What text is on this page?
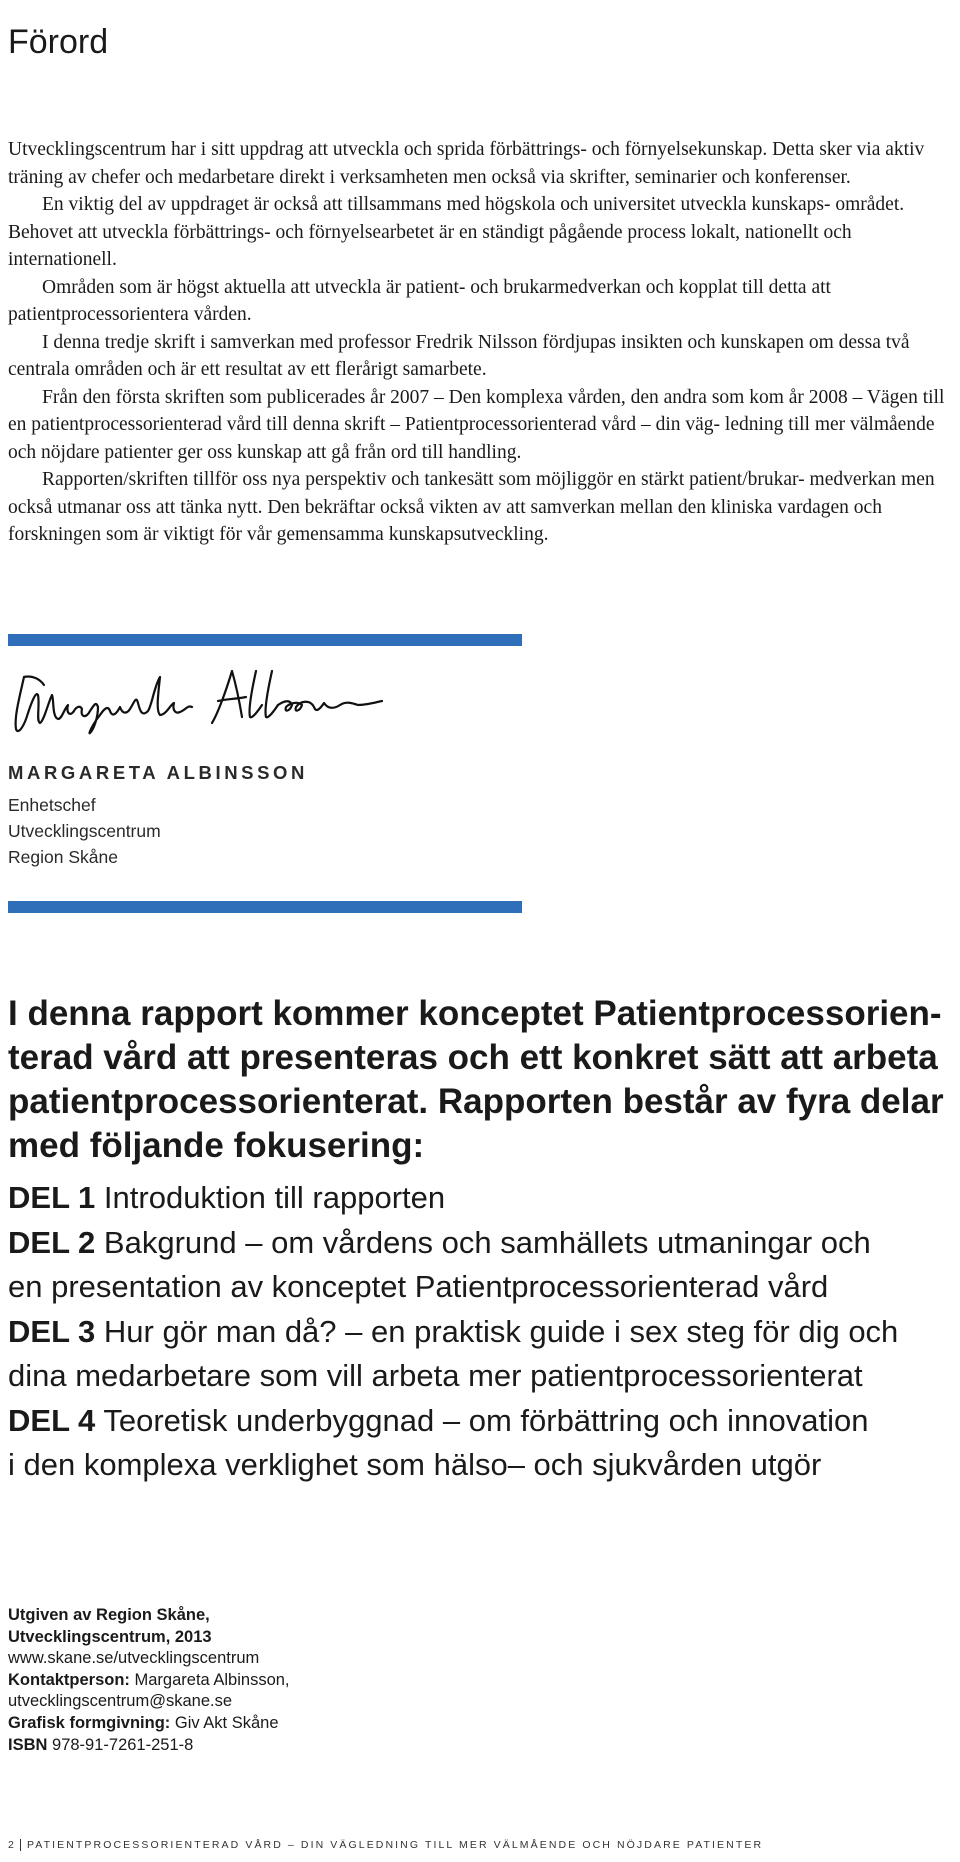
Förord

Utvecklingscentrum har i sitt uppdrag att utveckla och sprida förbättrings- och förnyelsekunskap. Detta sker via aktiv träning av chefer och medarbetare direkt i verksamheten men också via skrifter, seminarier och konferenser.

En viktig del av uppdraget är också att tillsammans med högskola och universitet utveckla kunskaps- området. Behovet att utveckla förbättrings- och förnyelsearbetet är en ständigt pågående process lokalt, nationellt och internationell.

Områden som är högst aktuella att utveckla är patient- och brukarmedverkan och kopplat till detta att patientprocessorientera vården.

I denna tredje skrift i samverkan med professor Fredrik Nilsson fördjupas insikten och kunskapen om dessa två centrala områden och är ett resultat av ett flerårigt samarbete.

Från den första skriften som publicerades år 2007 – Den komplexa vården, den andra som kom år 2008 – Vägen till en patientprocessorienterad vård till denna skrift – Patientprocessorienterad vård – din väg- ledning till mer välmående och nöjdare patienter ger oss kunskap att gå från ord till handling.

Rapporten/skriften tillför oss nya perspektiv och tankesätt som möjliggör en stärkt patient/brukar- medverkan men också utmanar oss att tänka nytt. Den bekräftar också vikten av att samverkan mellan den kliniska vardagen och forskningen som är viktigt för vår gemensamma kunskapsutveckling.

MARGARETA ALBINSSON
Enhetschef
Utvecklingscentrum
Region Skåne
I denna rapport kommer konceptet Patientprocessorien-
terad vård att presenteras och ett konkret sätt att arbeta
patientprocessorienterat. Rapporten består av fyra delar
med följande fokusering:
DEL 1 Introduktion till rapporten
DEL 2 Bakgrund – om vårdens och samhällets utmaningar och
en presentation av konceptet Patientprocessorienterad vård
DEL 3 Hur gör man då? – en praktisk guide i sex steg för dig och
dina medarbetare som vill arbeta mer patientprocessorienterat
DEL 4 Teoretisk underbyggnad – om förbättring och innovation
i den komplexa verklighet som hälso– och sjukvården utgör
Utgiven av Region Skåne,
Utvecklingscentrum, 2013
www.skane.se/utvecklingscentrum
Kontaktperson: Margareta Albinsson,
utvecklingscentrum@skane.se
Grafisk formgivning: Giv Akt Skåne
ISBN 978-91-7261-251-8
2 PATIENTPROCESSORIENTERAD VÅRD – DIN VÄGLEDNING TILL MER VÄLMÅENDE OCH NÖJDARE PATIENTER
